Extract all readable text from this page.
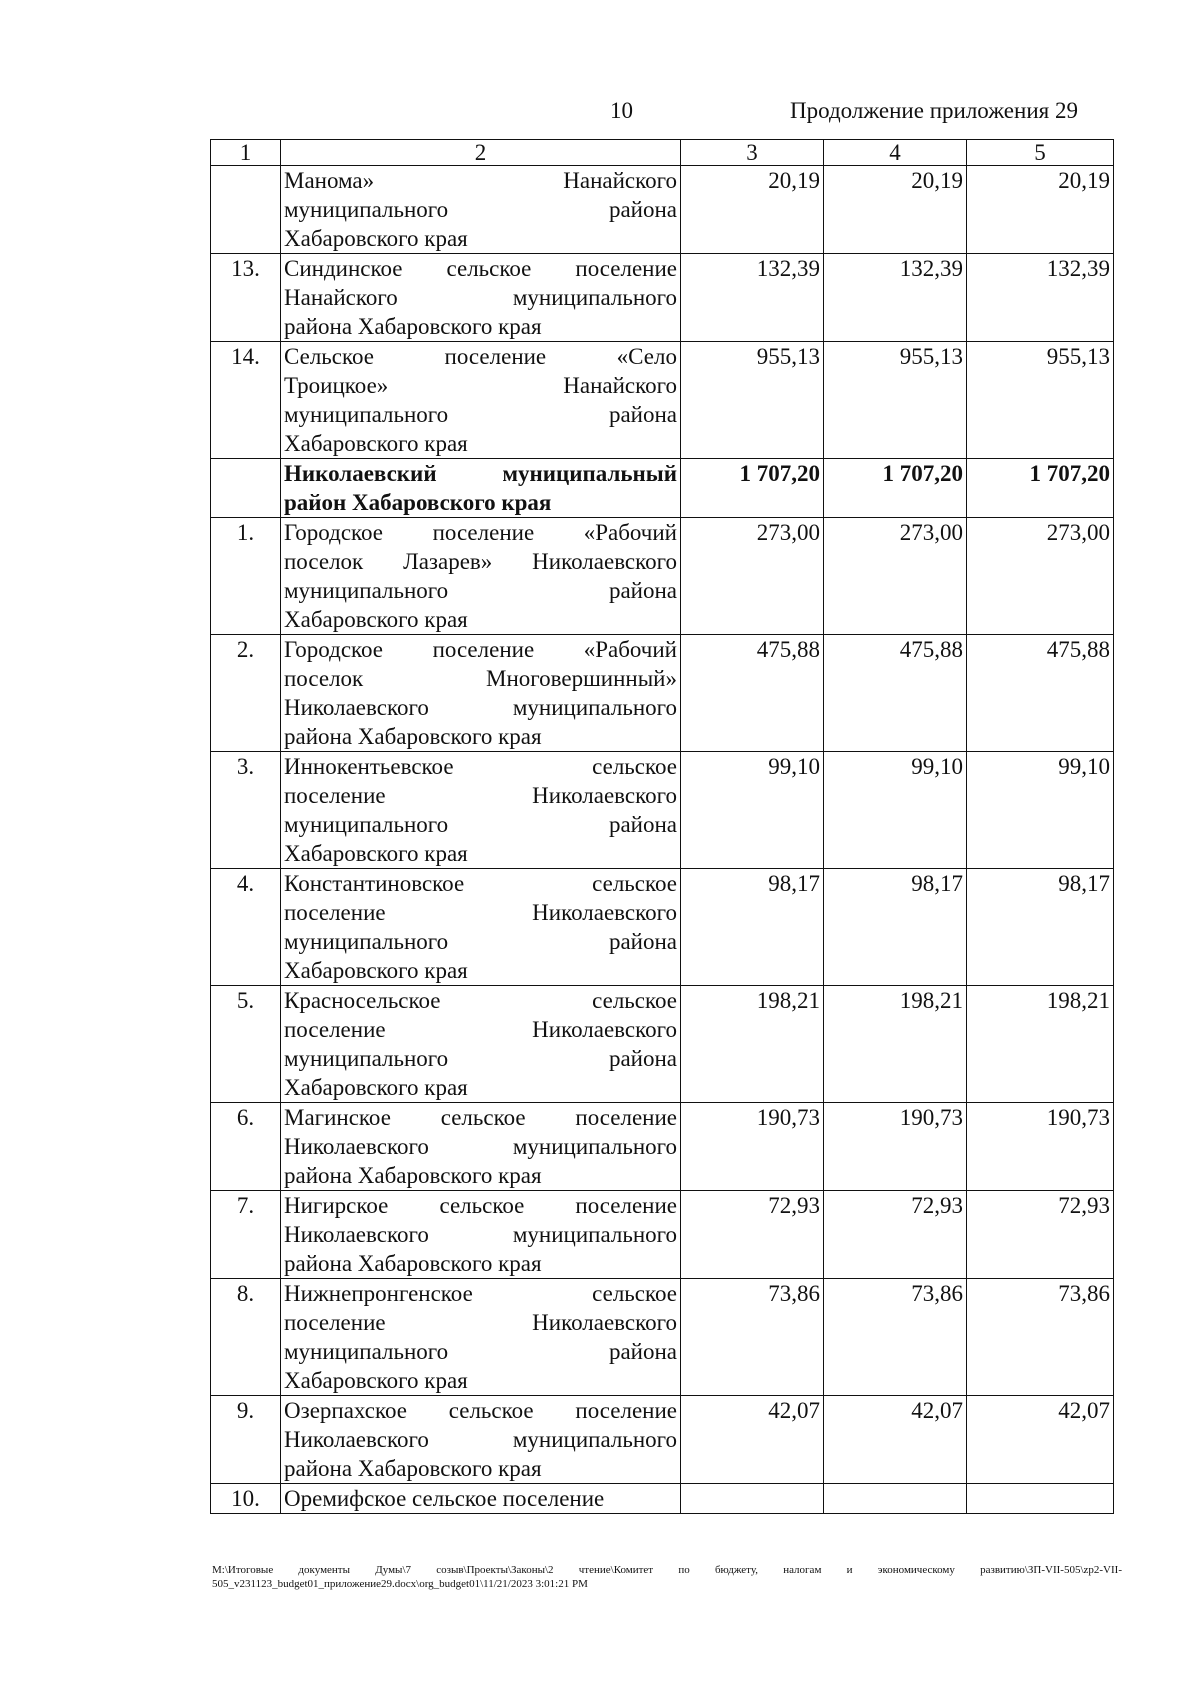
10	Продолжение приложения 29
1	2	3	4	5

	Манома» Нанайского
муниципального района
Хабаровского края	20,19	20,19	20,19
13.	Синдинское сельское поселение
Нанайского муниципального
района Хабаровского края	132,39	132,39	132,39
14.	Сельское поселение «Село
Троицкое» Нанайского
муниципального района
Хабаровского края	955,13	955,13	955,13

	Николаевский муниципальный
район Хабаровского края	1 707,20	1 707,20	1 707,20
1.	Городское поселение «Рабочий
поселок Лазарев» Николаевского
муниципального района
Хабаровского края	273,00	273,00	273,00
2.	Городское поселение «Рабочий
поселок Многовершинный»
Николаевского муниципального
района Хабаровского края	475,88	475,88	475,88
3.	Иннокентьевское сельское
поселение Николаевского
муниципального района
Хабаровского края	99,10	99,10	99,10
4.	Константиновское сельское
поселение Николаевского
муниципального района
Хабаровского края	98,17	98,17	98,17
5.	Красносельское сельское
поселение Николаевского
муниципального района
Хабаровского края	198,21	198,21	198,21
6.	Магинское сельское поселение
Николаевского муниципального
района Хабаровского края	190,73	190,73	190,73
7.	Нигирское сельское поселение
Николаевского муниципального
района Хабаровского края	72,93	72,93	72,93
8.	Нижнепронгенское сельское
поселение Николаевского
муниципального района
Хабаровского края	73,86	73,86	73,86
9.	Озерпахское сельское поселение
Николаевского муниципального
района Хабаровского края	42,07	42,07	42,07
10.	Оремифское сельское поселение			

M:\Итоговые документы Думы\7 созыв\Проекты\Законы\2 чтение\Комитет по бюджету, налогам и экономическому развитию\ЗП-VII-505\zp2-VII-505_v231123_budget01_приложение29.docx\org_budget01\11/21/2023 3:01:21 PM
